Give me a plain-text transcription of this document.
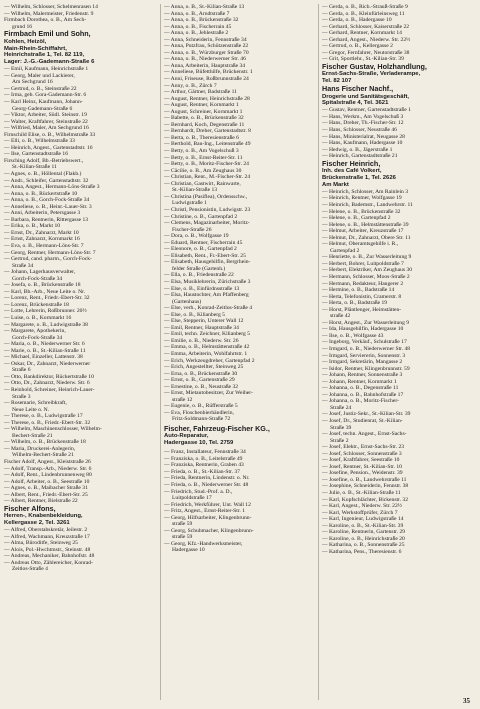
— Wilhelm, Schlosser, Schelmenrasen 14
— Wilhelm, Malermeister, Friedenstr. 9
Firmbach Dorothea, o. B., Am Sech-
grund 16
Firmbach Emil und Sohn,
Kohlen, Heizöl,
Main-Rhein-Schiffahrt,
Heinrichstraße 1, Tel. 82 119,
Lager: J.-G.-Gademann-Straße 6
— Emil, Kaufmann, Heinrichstraße 1
— Georg, Maler und Lackierer,
Am Sechgrund 16
— Gertrud, o. B., Steinstraße 22
— Irma, geb. Gora-Gademann-Str. 6
— Karl Heinz, Kaufmann, Johann-
Georg-Gademann-Straße 6
— Viktor, Arbeiter, Südl. Steinstr. 19
— Walter, Kraftfahrer, Steinstraße 22
— Wilfried, Maler, Am Sechgrund 16
Firnschild Elise, o. B., Wilhelmstraße 33
— Elli, o. B., Wilhelmstraße 33
— Heinrich, Angest., Gartenstadtstr. 16
— Ilse, Gartenstadtstraße 16
Firsching Adolf, Bb.-Betriebswert.,
St.-Kilian-Straße 11
— Agnes, o. B., Höllental (Flakb.)
— Andr., Schleifer, Gartenstadtstr. 32
— Anna, Angest., Hermann-Löns-Straße 3
— Anna, o. B., Rückertstraße 10
— Anna, o. B., Gorch-Fock-Straße 34
— Anneliese, o. B., Heinr.-Lauer-Str. 3
— Anni, Arbeiterin, Petersgasse 3
— Barbara, Rentnerin, Rittergasse 13
— Erika, o. B., Markt 10
— Ernst, Dr., Zahnarzt, Markt 10
— Ernst, Zahnarzt, Kornmarkt 16
— Eva, o. B., Hermann-Löns-Str. 7
— Georg, Rentner, Hermann-Löns-Str. 7
— Gertrud, cand. pharm., Gorch-Fock-
Straße 34
— Johann, Lagerhausverwalter,
Gorch-Fock-Straße 34
— Josefa, o. B., Brückenstraße 18
— Karl, Bb.-Arb., Neue Leite o. Nr.
— Lorenz, Rent., Friedr.-Ebert-Str. 32
— Lorenz, Brückenstraße 18
— Lotte, Lehrerin, Roßbrunner. 20½
— Luise, o. B., Kornmarkt 16
— Margarete, o. B., Ludwigstraße 38
— Margarete, Apothekerin,
Gorch-Fock-Straße 34
— Maria, o. B., Niederwerner Str. 6
— Marie, o. B., St.-Kilian-Straße 11
— Michael, Einzeller, Lattenstr. 38
— Oskar, Dr., Zahnarzt, Niederwerner
Straße 6
— Otto, Bankdirektor, Rückertstraße 10
— Otto, Dr., Zahnarzt, Niederw. Str. 6
— Reinhold, Schreiner, Heinrich-Lauer-
Straße 3
— Rosemarie, Schreibkraft,
Neue Leite o. N.
— Therese, o. B., Ludwigstraße 17
— Therese, o. B., Friedr.-Ebert-Str. 32
— Wilhelm, Maschinenschlosser, Wilhelm-
Bechert-Straße 21
— Wilhelm, o. B., Brückenstraße 18
— Maria, Druckerei-Anlegerin,
Wilhelm-Bechert-Straße 21
Fischer Adolf, Angest., Kleiststraße 26
— Adolf, Transp.-Arb., Niederw. Str. 6
— Adolf, Rent., Lindenbrunnenweg 80
— Adolf, Arbeiter, o. B., Seestraße 10
— Agnes, o. B., Maibacher Straße 31
— Albert, Rent., Friedr.-Ebert-Str. 25
— Albert, Rentner, Bielstraße 22
Fischer Alfons,
Herren-, Knabenbekleidung,
Kellergasse 2, Tel. 3261
— Alfred, Oberstabskretär, Jeilestr. 2
— Alfred, Wachmann, Kreuzstraße 17
— Alma, Büroditfe, Steinweg 25
— Alois, Pol.-Hwchtmstr., Steinstr. 48
— Andreas, Mechaniker, Bahnhofstr. 48
— Andreas Otto, Zählereicher, Konrad-
Zeitlos-Straße 4
— Anna, o. B., St.-Kilian-Straße 13
— Anna, o. B., Arndtstraße 7
— Anna, o. B., Brückenstraße 32
— Anna, o. B., Fischerrain 45
— Anna, o. B., Jehlestraße 2
— Anna, Schneiderin, Fennstraße 34
— Anna, Putzfrau, Schützenstraße 22
— Anna, o. B., Würzburger Straße 70
— Anna, o. B., Niederwerner Str. 46
— Anna, Arbeiterin, Hauptstraße 34
— Anneliese, Büfetthilfe, Brückenstr. 1
— Anni, Friseuse, Roßbrunnstraße 24
— Anny, o. B., Zürch 7
— Arthur, Gärtner, Badstraße 11
— August, Rentner, Heinrichstraße 28
— August, Rentner, Kornmarkt 1
— August, Schreiner, Kornmarkt 1
— Babette, o. B., Brückenstraße 32
— Bernhard, Koch, Degenstraße 11
— Bernhardt, Dreher, Gartenstadtstr. 8
— Berta, o. B., Theresienstraße 6
— Berthold, Bau-Ing., Leitenstraße 49
— Betty, o. B., Am Vogelschuß 3
— Betty, o. B., Ernst-Reiter-Str. 11
— Betty, o. B., Moritz-Fischer-Str. 24
— Cäcilie, o. B., Am Zeughaus 30
— Christian, Rent., M.-Fischer-Str. 24
— Christian, Gastwirt, Rainwarte,
St.-Kilian-Straße 13
— Christina (Pasiflea), Ordensschw.,
Ludwigstraße 1
— Christl, Pensionistin, Ludwigstr. 23
— Christine, o. B., Gartenpfad 2
— Clemens, Magazinarbeiter, Moritz-
Fischer-Straße 26
— Dora, o. B., Wolfgasse 19
— Eduard, Rentner, Fischerrain 45
— Eleonore, o. B., Gartenpfad 2
— Elisabeth, Rent., Fr.-Ebert-Str. 25
— Elisabeth, Hausgehilfin, Bergrhein-
felder Straße (Gartenh.)
— Ella, o. B., Friedenstraße 22
— Elsa, Musiklehrerin, Zürichstraße 3
— Else, o. B., Einfürdnsstraße 13
— Elsa, Haustochter, Am Pfaffenberg
(Gartenhaus)
— Else, verh., Konrad-Zeitlos-Straße 4
— Else, o. B., Kilianberg 5
— Else, Stepperin, Unterer Wall 12
— Emil, Rentner, Hauptstraße 34
— Emil, techn. Zeichner, Kilianberg 5
— Emilie, o. B., Niederw. Str. 26
— Emma, o. B., Helmstättenstraße 42
— Emma, Arbeiterin, Wohlfahrtstr. 1
— Erich, Werkzeugdreher, Gartenpfad 2
— Erich, Angestellter, Steinweg 25
— Erna, o. B., Brückenstraße 30
— Ernst, o. B., Gartenstraße 29
— Ernestine, o. B., Neustraße 32
— Ernst, Mietautobesitzer, Zur Weiher-
straße 12
— Eugenie, o. B., Rüfferstraße 5
— Eva, Floschenbierhändlerin,
Fritz-Soldmann-Straße 72
Fischer, Fahrzeug-Fischer KG.,
Auto-Reparatur,
Hadergasse 10, Tel. 2759
— Franz, Installateur, Fennstraße 34
— Franziska, o. B., Leitelstraße 49
— Franziska, Rentnerin, Graben 43
— Frieda, o. B., St.-Kilian-Str. 37
— Frieda, Rentnerin, Lindenstr. o. Nr.
— Frieda, o. B., Niederwerner Str. 48
— Friedrich, Stud.-Prof. a. D.,
Luitpoldstraße 17
— Friedrich, Werkführer, Unt. Wall 12
— Fritz, Angest., Ernst-Reiter-Str. 1
— Georg, Hilfsarbeiter, Klingenbrunn-
straße 59
— Georg, Schuhmacher, Klingenbrunn-
straße 59
— Georg, Kfz.-Handwerksmeister,
Hadergasse 10
— Gerda, o. B., Rich.-Strauß-Straße 9
— Gerda, o. B., Kleinfürleinsweg 11
— Gerda, o. B., Hadergasse 10
— Gerhard, Schlosser, Kaiserstraße 22
— Gerhard, Rentner, Kornmarkt 14
— Gerhard, Angest., Niederw. Str. 22½
— Gertrud, o. B., Kellergasse 2
— Gregor, Fernfahrer, Neutorstraße 38
— Grit, Sportlehr., St.-Kilian-Str. 39
Fischer Gustav, Holzhandlung,
Ernst-Sachs-Straße, Verladerampe,
Tel. 82 107
Hans Fischer Nachf.,
Drogerie und Sanitätsgeschäft,
Spitalstraße 4, Tel. 3621
— Gustav, Rentner, Gartenstadtstraße 1
— Hans, Werkm., Am Vogelschuß 3
— Hans, Dreher, Th.-Fischer-Str. 12
— Hans, Schlosser, Neustraße 46
— Hans, Ministerialrat, Neugasse 28
— Hans, Kaufmann, Hadergasse 10
— Hedwig, o. B., Jägerstraße 1
— Heinrich, Gartenstadtstraße 21
Fischer Heinrich,
Inh. des Café Volkert,
Brückenstraße 1, Tel. 2626
Am Markt
— Heinrich, Schlosser, Am Rainlein 3
— Heinrich, Rentner, Wolfgasse 19
— Heinrich, Bademstr., Landwehrstr. 11
— Helene, o. B., Brückenstraße 32
— Helene, o. B., Gartenpfad 2
— Helene, o. B., Helmstättenstraße 39
— Helmut, Arbeiter, Kreuzstraße 17
— Helmut, Dr., Zahnarzt, Obere Str. 11
— Helmut, Oberamtsgehilfe i. R.,
Gartenpfad 2
— Henriette, o. B., Zur Wasserleitung 9
— Herbert, Bohrer, Luitpoldstraße 7
— Herbert, Elektriker, Am Zeughaus 30
— Hermann, Schlosser, Moos-Straße 2
— Hermann, Redakteur, Hangerer 2
— Hermine, o. B., Badstraße 14
— Herta, Telefonistin, Cramerstr. 8
— Herta, o. B., Badstraße 19
— Horst, Pläntlenger, Heimstätten-
straße 42
— Horst, Angest., Zur Wasserleitung 9
— Ida, Hausgehilfin, Hadergasse 10
— Ilse, o. B., Wolfgasse 43
— Ingeborg, Verkäuf., Schulstraße 17
— Irmgard, o. B., Niederwerner Str. 48
— Irmgard, Serviererin, Sonnenstr. 3
— Irmgard, Sekretärin, Mangasse 2
— Isidor, Rentner, Klingenbrunnstr. 59
— Johann, Rentner, Sonnenstraße 3
— Johann, Rentner, Kornmarkt 1
— Johanna, o. B., Degenstraße 11
— Johanna, o. B., Bahnhofstraße 17
— Johanna, o. B., Moritz-Fischer-
Straße 24
— Josef, Justiz-Sekr., St.-Kilian-Str. 39
— Josef, Dr., Studienrat, St.-Kilian-
Straße 39
— Josef, techn. Angest., Ernst-Sachs-
Straße 2
— Josef, Elektr., Ernst-Sachs-Str. 23
— Josef, Schlosser, Sonnenstraße 3
— Josef, Kraftfahrer, Seestraße 10
— Josef, Rentner, St.-Kilian-Str. 10
— Josefine, Pension., Weidenstr. 39
— Josefine, o. B., Landwehrstraße 11
— Josephine, Schneiderin, Fennstr. 38
— Julie, o. B., St.-Kilian-Straße 11
— Karl, Kopfschlächter, Bickenstr. 32
— Karl, Angest., Niederw. Str. 22½
— Karl, Werkstoffprüfer, Zürch 7
— Karl, Ingenieur, Ludwigstraße 14
— Karoline, o. B., St.-Kilian-Str. 39
— Karoline, Rentnerin, Gartenstr. 29
— Karoline, o. B., Heinrichstraße 20
— Katharina, o. B., Sonnenstraße 25
— Katharina, Pens., Theresienstr. 6
35
